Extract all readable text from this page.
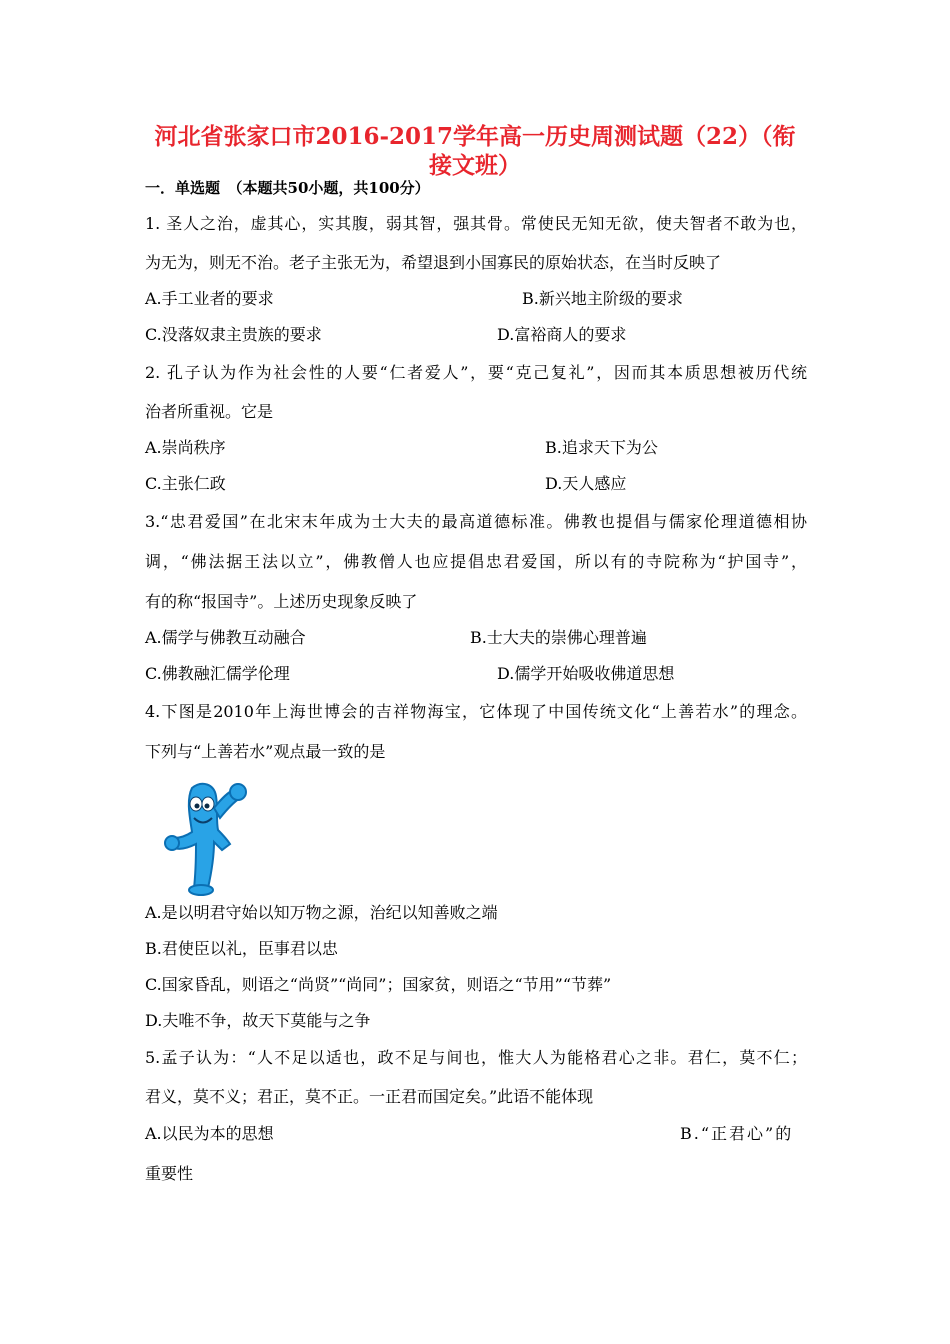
河北省张家口市2016-2017学年高一历史周测试题（22）（衔接文班）
一．单选题　（本题共50小题，共100分）
1. 圣人之治，虚其心，实其腹，弱其智，强其骨。常使民无知无欲，使夫智者不敢为也，
为无为，则无不治。老子主张无为，希望退到小国寡民的原始状态，在当时反映了
A.手工业者的要求	B.新兴地主阶级的要求
C.没落奴隶主贵族的要求	D.富裕商人的要求
2. 孔子认为作为社会性的人要“仁者爱人”，要“克己复礼”，因而其本质思想被历代统
治者所重视。它是
A.崇尚秩序	B.追求天下为公
C.主张仁政	D.天人感应
3.“忠君爱国”在北宋末年成为士大夫的最高道德标准。佛教也提倡与儒家伦理道德相协
调，“佛法据王法以立”，佛教僧人也应提倡忠君爱国，所以有的寺院称为“护国寺”，
有的称“报国寺”。上述历史现象反映了
A.儒学与佛教互动融合	B.士大夫的崇佛心理普遍
C.佛教融汇儒学伦理	D.儒学开始吸收佛道思想
4.下图是2010年上海世博会的吉祥物海宝，它体现了中国传统文化“上善若水”的理念。
下列与“上善若水”观点最一致的是
A.是以明君守始以知万物之源，治纪以知善败之端
B.君使臣以礼，臣事君以忠
C.国家昏乱，则语之“尚贤”“尚同”；国家贫，则语之“节用”“节葬”
D.夫唯不争，故天下莫能与之争
5.孟子认为：“人不足以适也，政不足与间也，惟大人为能格君心之非。君仁，莫不仁；
君义，莫不义；君正，莫不正。一正君而国定矣。”此语不能体现
A.以民为本的思想	B.“正君心”的
重要性
